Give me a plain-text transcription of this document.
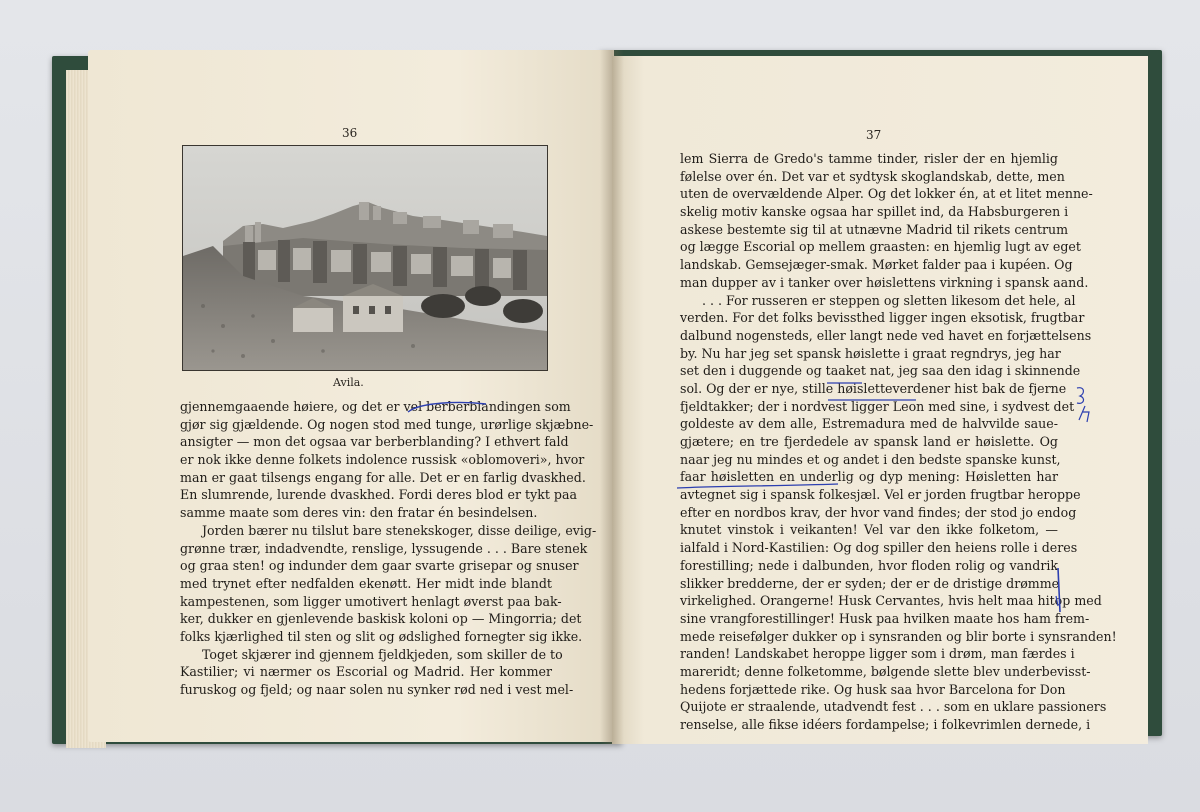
36	37
Avila.
gjennemgaaende høiere, og det er vel berberblandingen som
gjør sig gjældende. Og nogen stod med tunge, urørlige skjæbne-
ansigter — mon det ogsaa var berberblanding? I ethvert fald
er nok ikke denne folkets indolence russisk «oblomoveri», hvor
man er gaat tilsengs engang for alle. Det er en farlig dvaskhed.
En slumrende, lurende dvaskhed. Fordi deres blod er tykt paa
samme maate som deres vin: den fratar én besindelsen.
Jorden bærer nu tilslut bare stenekskoger, disse deilige, evig-
grønne trær, indadvendte, renslige, lyssugende . . . Bare stenek
og graa sten! og indunder dem gaar svarte grisepar og snuser
med trynet efter nedfalden ekenøtt. Her midt inde blandt
kampestenen, som ligger umotivert henlagt øverst paa bak-
ker, dukker en gjenlevende baskisk koloni op — Mingorria; det
folks kjærlighed til sten og slit og ødslighed fornegter sig ikke.
Toget skjærer ind gjennem fjeldkjeden, som skiller de to
Kastilier; vi nærmer os Escorial og Madrid. Her kommer
furuskog og fjeld; og naar solen nu synker rød ned i vest mel-
lem Sierra de Gredo's tamme tinder, risler der en hjemlig
følelse over én. Det var et sydtysk skoglandskab, dette, men
uten de overvældende Alper. Og det lokker én, at et litet menne-
skelig motiv kanske ogsaa har spillet ind, da Habsburgeren i
askese bestemte sig til at utnævne Madrid til rikets centrum
og lægge Escorial op mellem graasten: en hjemlig lugt av eget
landskab. Gemsejæger-smak. Mørket falder paa i kupéen. Og
man dupper av i tanker over høislettens virkning i spansk aand.
. . . For russeren er steppen og sletten likesom det hele, al
verden. For det folks bevissthed ligger ingen eksotisk, frugtbar
dalbund nogensteds, eller langt nede ved havet en forjættelsens
by. Nu har jeg set spansk høislette i graat regndrys, jeg har
set den i duggende og taaket nat, jeg saa den idag i skinnende
sol. Og der er nye, stille høisletteverdener hist bak de fjerne
fjeldtakker; der i nordvest ligger Leon med sine, i sydvest det
goldeste av dem alle, Estremadura med de halvvilde saue-
gjætere; en tre fjerdedele av spansk land er høislette. Og
naar jeg nu mindes et og andet i den bedste spanske kunst,
faar høisletten en underlig og dyp mening: Høisletten har
avtegnet sig i spansk folkesjæl. Vel er jorden frugtbar heroppe
efter en nordbos krav, der hvor vand findes; der stod jo endog
knutet vinstok i veikanten! Vel var den ikke folketom, —
ialfald i Nord-Kastilien: Og dog spiller den heiens rolle i deres
forestilling; nede i dalbunden, hvor floden rolig og vandrik
slikker bredderne, der er syden; der er de dristige drømme
virkelighed. Orangerne! Husk Cervantes, hvis helt maa hitop med
sine vrangforestillinger! Husk paa hvilken maate hos ham frem-
mede reisefølger dukker op i synsranden og blir borte i synsranden!
randen! Landskabet heroppe ligger som i drøm, man færdes i
mareridt; denne folketomme, bølgende slette blev underbevisst-
hedens forjættede rike. Og husk saa hvor Barcelona for Don
Quijote er straalende, utadvendt fest . . . som en uklare passioners
renselse, alle fikse idéers fordampelse; i folkevrimlen dernede, i
